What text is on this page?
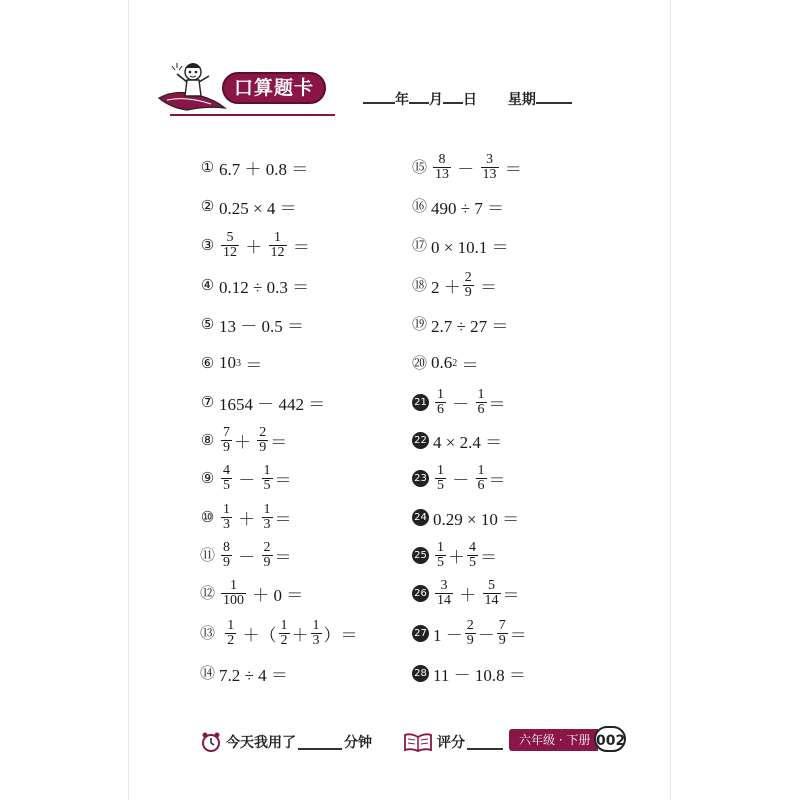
口算题卡
年 月 日 星期
① 6.7 ＋ 0.8 ＝
② 0.25 × 4 ＝
③ $\frac{5}{12} + \frac{1}{12}$ ＝
④ 0.12 ÷ 0.3 ＝
⑤ 13 － 0.5 ＝
⑥ 10 3 ＝
⑦ 1654 － 442 ＝
⑧ $\frac{7}{9} + \frac{2}{9}$ ＝
⑨ $\frac{4}{5} - \frac{1}{5}$ ＝
⑩ $\frac{1}{3} + \frac{1}{3}$ ＝
⑪ $\frac{8}{9} - \frac{2}{9}$ ＝
⑫ $\frac{1}{100} + 0$ ＝
⑬
$\frac{1}{2}$ ＋（ $\frac{1}{2} + \frac{1}{3}$ ）＝
⑭ 7.2 ÷ 4 ＝
⑮ $\frac{8}{13} - \frac{3}{13}$ ＝
⑯ 490 ÷ 7 ＝
⑰ 0 × 10.1 ＝
⑱ $2 + \frac{2}{9}$ ＝
⑲ 2.7 ÷ 27 ＝
⑳ 0.6 2 ＝
$21 \frac{1}{6} - \frac{1}{6}$ ＝
22 4 × 2.4 ＝
$23 \frac{1}{5} - \frac{1}{6}$ ＝
24 0.29 × 10 ＝
$25 \frac{1}{5} + \frac{4}{5}$ ＝
$26 \frac{3}{14} + \frac{5}{14}$ ＝
27 $1 - \frac{2}{9} - \frac{7}{9}$ ＝
28 11 － 10.8 ＝
今天我用了	分钟	评分	六年级 · 下册 002
